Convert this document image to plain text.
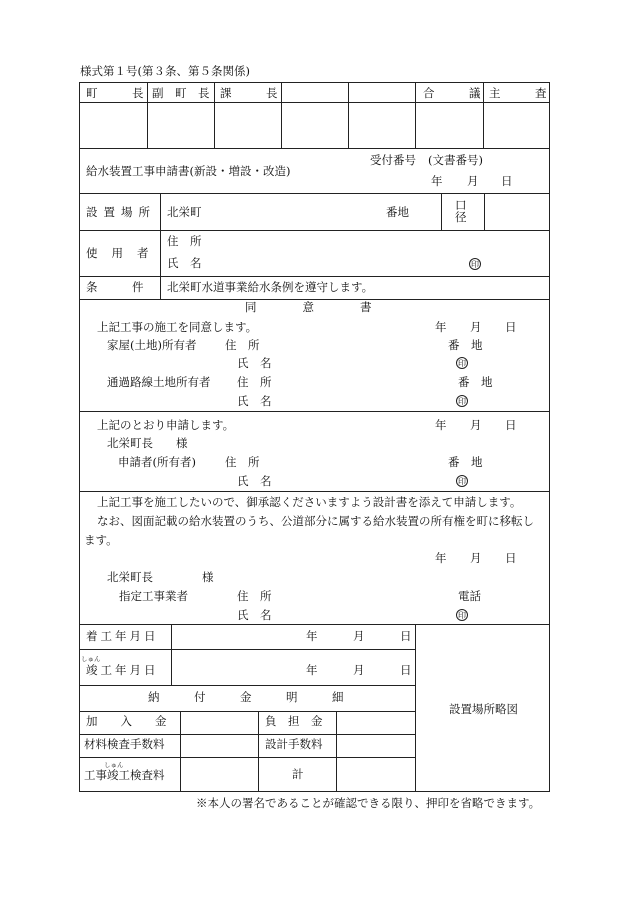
様式第１号(第３条、第５条関係)
町　　　長 副　町　長 課　　　長	合　　　議 主　　　査
給水装置工事申請書(新設・増設・改造)
受付番号 (文書番号)
年 月 日
設置場所 北栄町	番地	口径
使用者
住　所
氏　名	印
条　　　件 北栄町水道事業給水条例を遵守します。
同　　　　意　　　　書
上記工事の施工を同意します。	年 月 日
家屋(土地)所有者 住　所	番　地
氏　名	印
通過路線土地所有者 住　所	番　地
氏　名	印
上記のとおり申請します。	年 月 日
北栄町長　　様
申請者(所有者)	住　所	番　地
氏　名	印
上記工事を施工したいので、御承認くださいますよう設計書を添えて申請します。
なお、図面記載の給水装置のうち、公道部分に属する給水装置の所有権を町に移転し
ます。
年 月 日
北栄町長	様
指定工事業者	住　所	電話
氏　名	印
着工年月日	年	月	日
しゅん
竣工年月日	年	月	日
納　　　付　　　金　　　明　　　細
設置場所略図
加　　入　　金	負　担　金
材料検査手数料	設計手数料
しゅん
工事竣工検査料	計
※本人の署名であることが確認できる限り、押印を省略できます。
